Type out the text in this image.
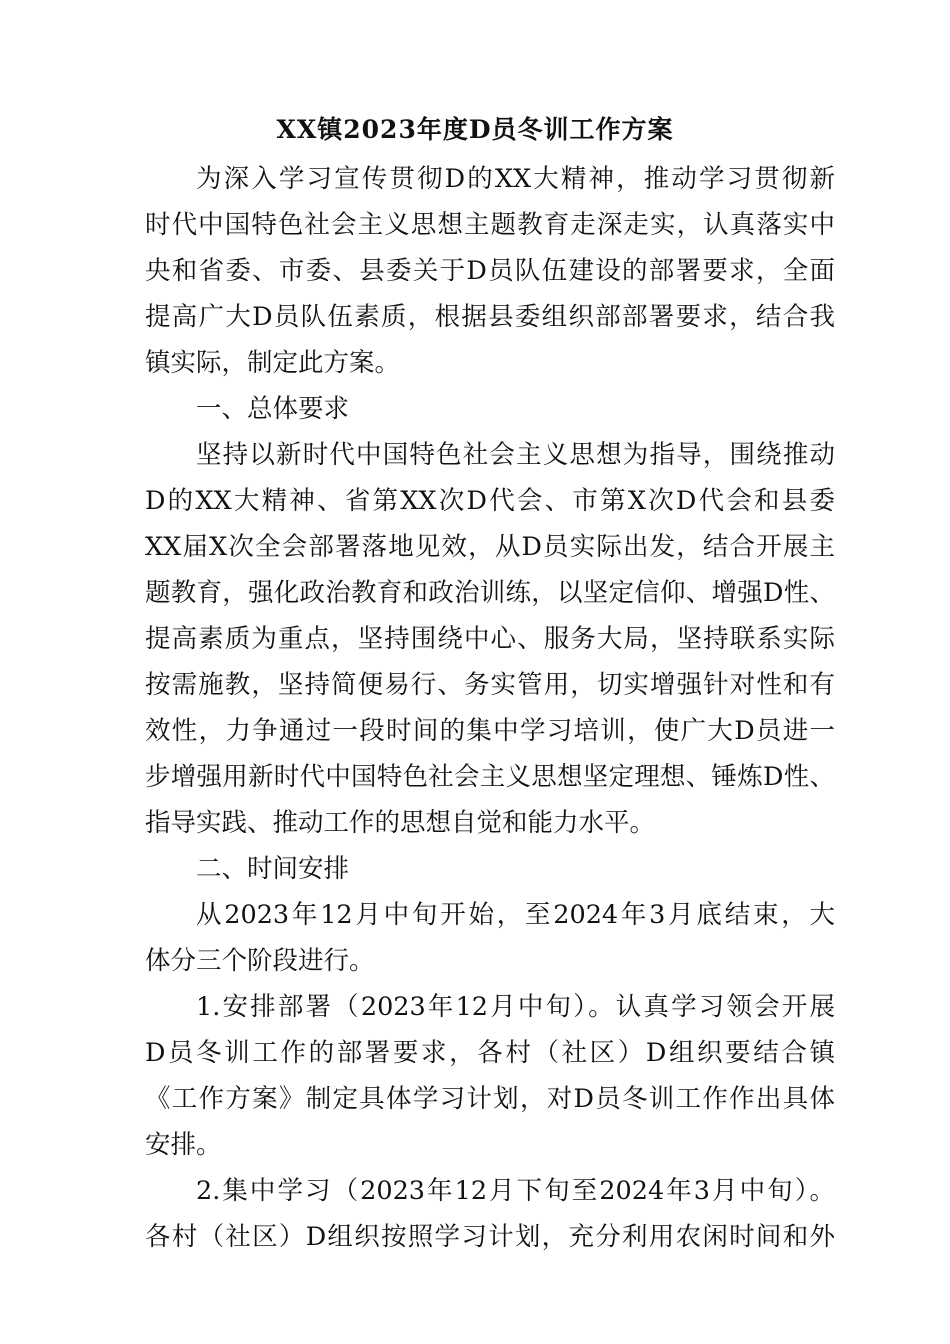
XX镇2023年度D员冬训工作方案

为深入学习宣传贯彻D的XX大精神，推动学习贯彻新

时代中国特色社会主义思想主题教育走深走实，认真落实中

央和省委、市委、县委关于D员队伍建设的部署要求，全面

提高广大D员队伍素质，根据县委组织部部署要求，结合我

镇实际，制定此方案。

一、总体要求

坚持以新时代中国特色社会主义思想为指导，围绕推动

D的XX大精神、省第XX次D代会、市第X次D代会和县委

XX届X次全会部署落地见效，从D员实际出发，结合开展主

题教育，强化政治教育和政治训练，以坚定信仰、增强D性、

提高素质为重点，坚持围绕中心、服务大局，坚持联系实际

按需施教，坚持简便易行、务实管用，切实增强针对性和有

效性，力争通过一段时间的集中学习培训，使广大D员进一

步增强用新时代中国特色社会主义思想坚定理想、锤炼D性、

指导实践、推动工作的思想自觉和能力水平。

二、时间安排

从2023年12月中旬开始，至2024年3月底结束，大

体分三个阶段进行。

1.安排部署（2023年12月中旬）。认真学习领会开展

D员冬训工作的部署要求，各村（社区）D组织要结合镇

《工作方案》制定具体学习计划，对D员冬训工作作出具体

安排。

2.集中学习（2023年12月下旬至2024年3月中旬）。

各村（社区）D组织按照学习计划，充分利用农闲时间和外
